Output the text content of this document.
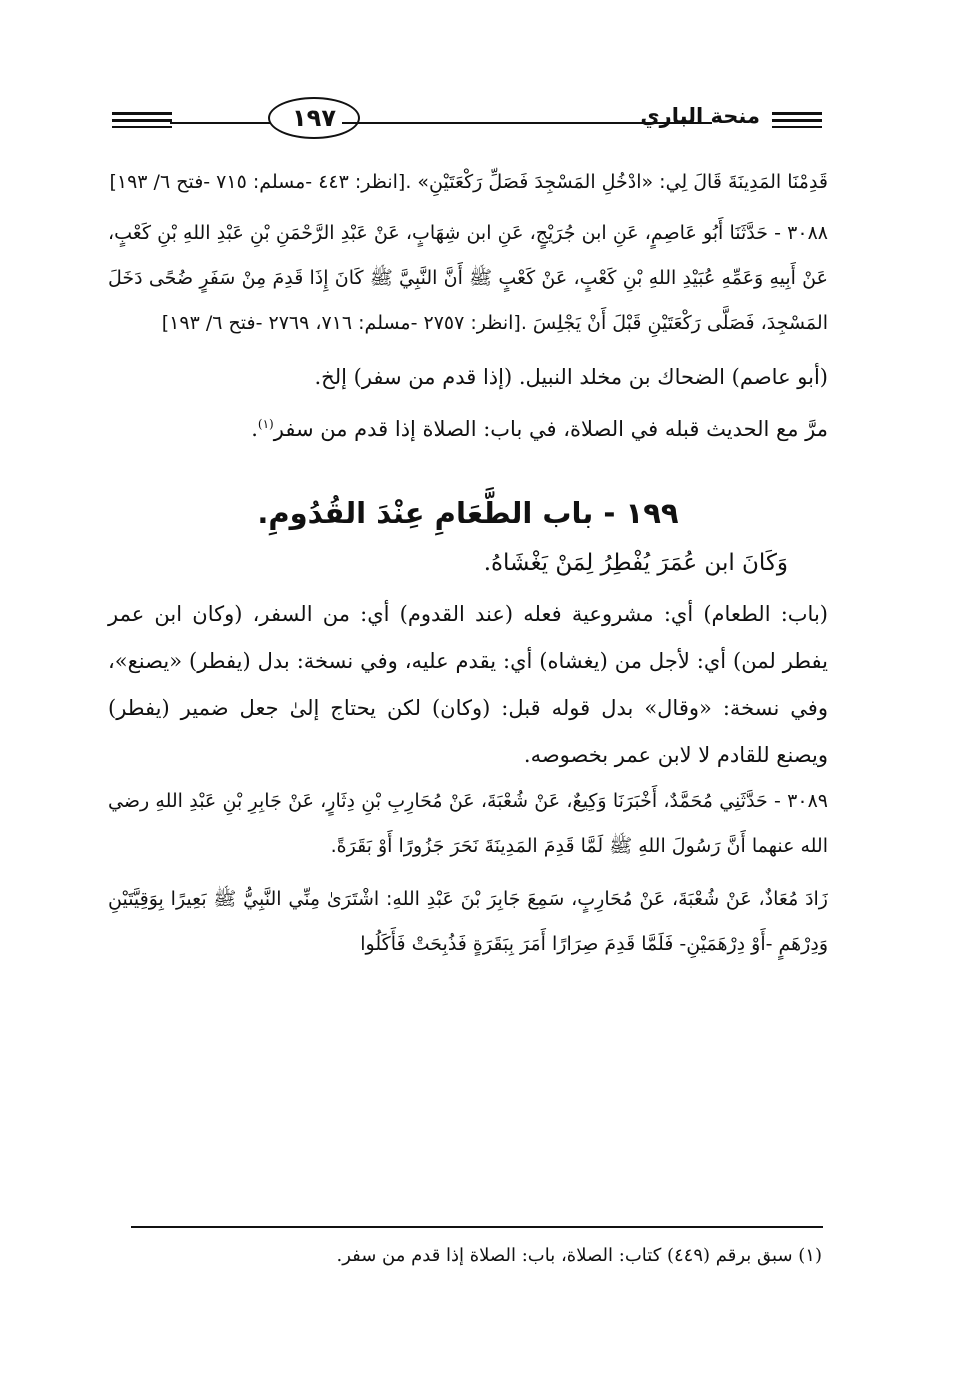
١٩٧	منحة الباري

قَدِمْنَا المَدِينَةَ قَالَ لِي: «ادْخُلِ المَسْجِدَ فَصَلِّ رَكْعَتَيْنِ» .[انظر: ٤٤٣ -مسلم: ٧١٥ -فتح ٦/ ١٩٣]

٣٠٨٨ - حَدَّثَنَا أَبُو عَاصِمٍ، عَنِ ابن جُرَيْجٍ، عَنِ ابن شِهَابٍ، عَنْ عَبْدِ الرَّحْمَنِ بْنِ عَبْدِ اللهِ بْنِ كَعْبٍ، عَنْ أَبِيهِ وَعَمِّهِ عُبَيْدِ اللهِ بْنِ كَعْبٍ، عَنْ كَعْبٍ ﷺ أَنَّ النَّبِيَّ ﷺ كَانَ إِذَا قَدِمَ مِنْ سَفَرٍ ضُحًى دَخَلَ المَسْجِدَ، فَصَلَّى رَكْعَتَيْنِ قَبْلَ أَنْ يَجْلِسَ .[انظر: ٢٧٥٧ -مسلم: ٧١٦، ٢٧٦٩ -فتح ٦/ ١٩٣]

(أبو عاصم) الضحاك بن مخلد النبيل. (إذا قدم من سفر) إلخ.

مرَّ مع الحديث قبله في الصلاة، في باب: الصلاة إذا قدم من سفر$^{(١)}$.

١٩٩ - باب الطَّعَامِ عِنْدَ القُدُومِ.

وَكَانَ ابن عُمَرَ يُفْطِرُ لِمَنْ يَغْشَاهُ.

(باب: الطعام) أي: مشروعية فعله (عند القدوم) أي: من السفر، (وكان ابن عمر يفطر لمن) أي: لأجل من (يغشاه) أي: يقدم عليه، وفي نسخة: بدل (يفطر) «يصنع»، وفي نسخة: «وقال» بدل قوله قبل: (وكان) لكن يحتاج إلىٰ جعل ضمير (يفطر) ويصنع للقادم لا لابن عمر بخصوصه.

٣٠٨٩ - حَدَّثَنِي مُحَمَّدٌ، أَخْبَرَنَا وَكِيعٌ، عَنْ شُعْبَةَ، عَنْ مُحَارِبِ بْنِ دِثَارٍ، عَنْ جَابِرِ بْنِ عَبْدِ اللهِ رضي الله عنهما أَنَّ رَسُولَ اللهِ ﷺ لَمَّا قَدِمَ المَدِينَةَ نَحَرَ جَزُورًا أَوْ بَقَرَةً.

زَادَ مُعَاذٌ، عَنْ شُعْبَةَ، عَنْ مُحَارِبٍ، سَمِعَ جَابِرَ بْنَ عَبْدِ اللهِ: اشْتَرَىٰ مِنِّي النَّبِيُّ ﷺ بَعِيرًا بِوَقِيَّتَيْنِ وَدِرْهَمٍ -أَوْ دِرْهَمَيْنِ- فَلَمَّا قَدِمَ صِرَارًا أَمَرَ بِبَقَرَةٍ فَذُبِحَتْ فَأَكَلُوا

(١) سبق برقم (٤٤٩) كتاب: الصلاة، باب: الصلاة إذا قدم من سفر.
